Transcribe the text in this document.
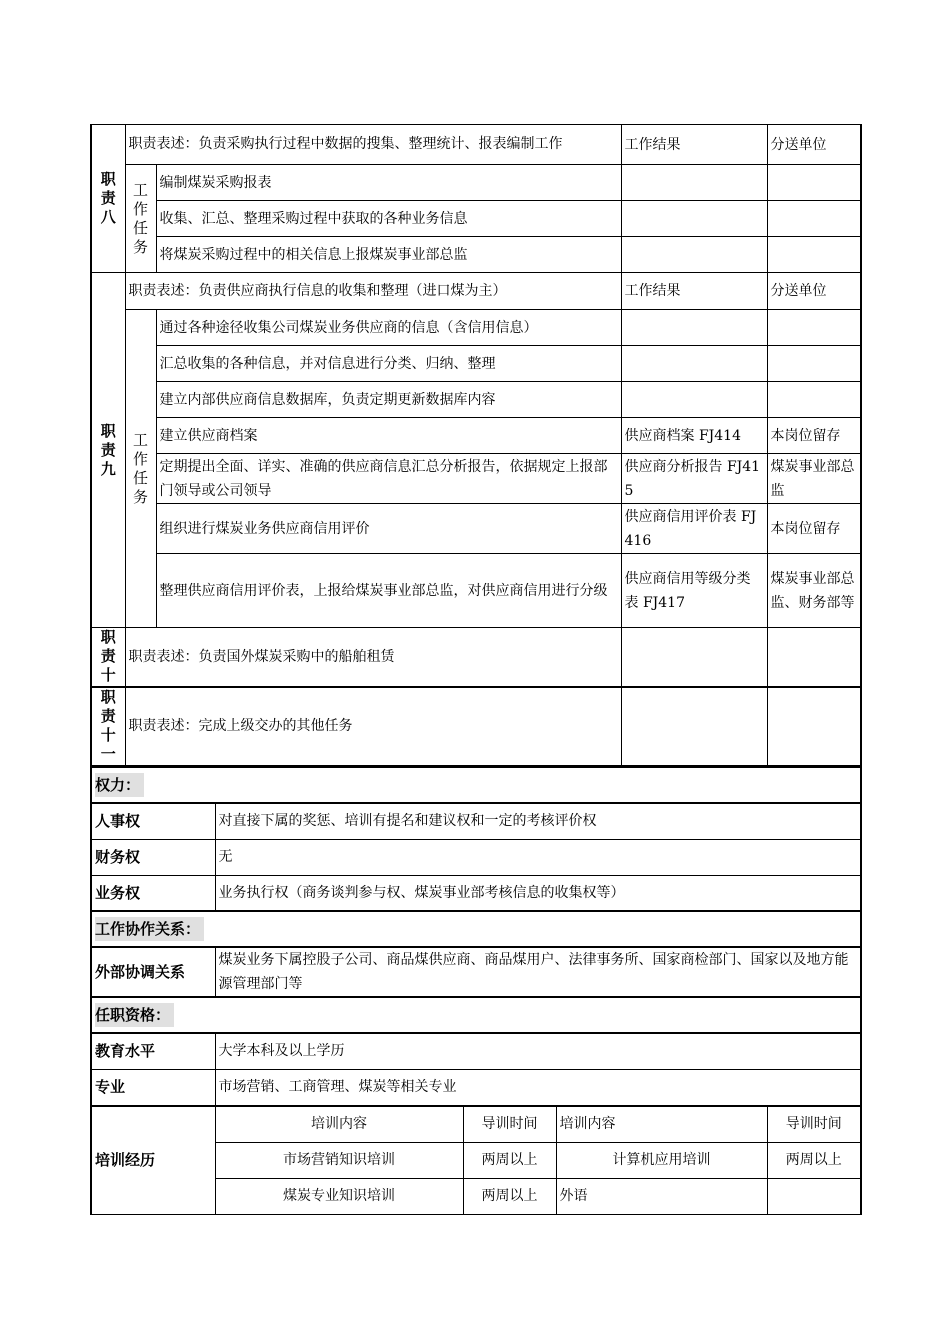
职
责
八	职责表述：负责采购执行过程中数据的搜集、整理统计、报表编制工作		工作结果	分送单位

	工
作
任
务	编制煤炭采购报表		
		收集、汇总、整理采购过程中获取的各种业务信息		
		将煤炭采购过程中的相关信息上报煤炭事业部总监		

职
责
九	职责表述：负责供应商执行信息的收集和整理（进口煤为主）		工作结果	分送单位

	工
作
任
务	通过各种途径收集公司煤炭业务供应商的信息（含信用信息）		
		汇总收集的各种信息，并对信息进行分类、归纳、整理		
		建立内部供应商信息数据库，负责定期更新数据库内容		
		建立供应商档案	供应商档案 FJ414	本岗位留存
		定期提出全面、详实、准确的供应商信息汇总分析报告，依据规定上报部门领导或公司领导	供应商分析报告 FJ415	煤炭事业部总监
		组织进行煤炭业务供应商信用评价	供应商信用评价表 FJ416	本岗位留存
		整理供应商信用评价表，上报给煤炭事业部总监，对供应商信用进行分级	供应商信用等级分类表 FJ417	煤炭事业部总监、财务部等

职
责
十	职责表述：负责国外煤炭采购中的船舶租赁			

职
责
十
一	职责表述：完成上级交办的其他任务			
权力：	
人事权	对直接下属的奖惩、培训有提名和建议权和一定的考核评价权
财务权	无
业务权	业务执行权（商务谈判参与权、煤炭事业部考核信息的收集权等）
工作协作关系：	
外部协调关系	煤炭业务下属控股子公司、商品煤供应商、商品煤用户、法律事务所、国家商检部门、国家以及地方能源管理部门等
任职资格：	
教育水平	大学本科及以上学历
专业	市场营销、工商管理、煤炭等相关专业
培训经历	培训内容	导训时间	培训内容	导训时间
	市场营销知识培训	两周以上	计算机应用培训	两周以上
	煤炭专业知识培训	两周以上	外语	
